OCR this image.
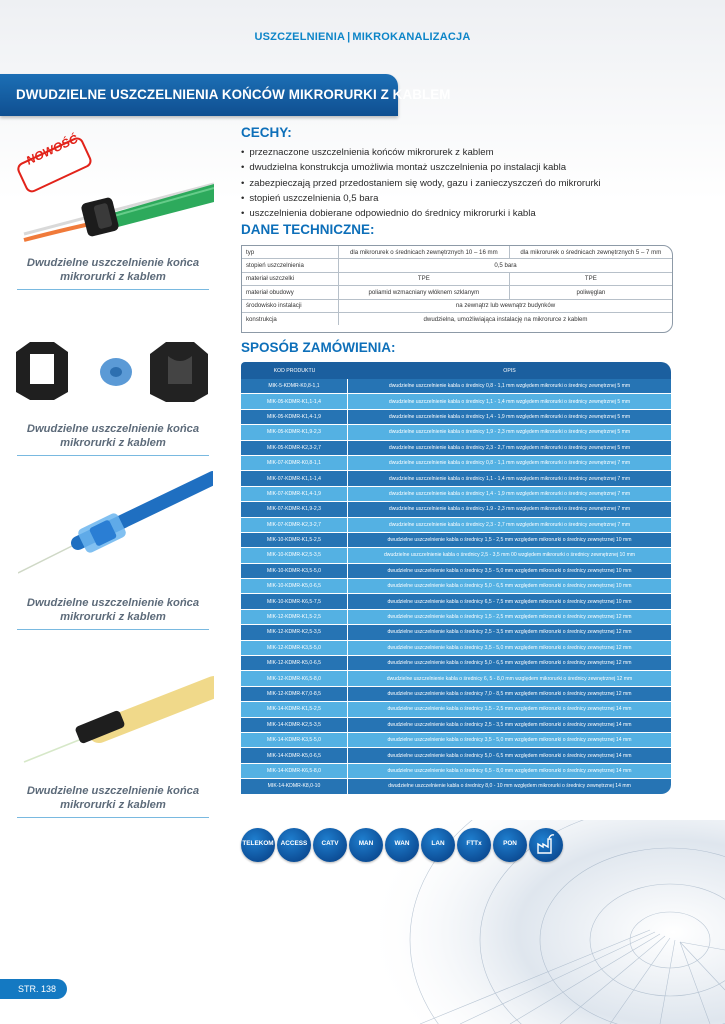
USZCZELNIENIA | MIKROKANALIZACJA
DWUDZIELNE USZCZELNIENIA KOŃCÓW MIKRORURKI Z KABLEM
NOWOŚĆ
Dwudzielne uszczelnienie końca mikrorurki z kablem
Dwudzielne uszczelnienie końca mikrorurki z kablem
Dwudzielne uszczelnienie końca mikrorurki z kablem
Dwudzielne uszczelnienie końca mikrorurki z kablem
CECHY:
• przeznaczone uszczelnienia końców mikrorurek z kablem
• dwudzielna konstrukcja umożliwia montaż uszczelnienia po instalacji kabla
• zabezpieczają przed przedostaniem się wody, gazu i zanieczyszczeń do mikrorurki
• stopień uszczelnienia 0,5 bara
• uszczelnienia dobierane odpowiednio do średnicy mikrorurki i kabla
DANE TECHNICZNE:
typ	dla mikrorurek o średnicach zewnętrznych 10 – 16 mm	dla mikrorurek o średnicach zewnętrznych 5 – 7 mm
stopień uszczelnienia	0,5 bara	
materiał uszczelki	TPE	TPE
materiał obudowy	poliamid wzmacniany włóknem szklanym	poliwęglan
środowisko instalacji	na zewnątrz lub wewnątrz budynków	
konstrukcja	dwudzielna, umożliwiająca instalację na mikrorurce z kablem	
SPOSÓB ZAMÓWIENIA:
KOD PRODUKTU	OPIS
MIK-5-KDMR-K0,8-1,1	dwudzielne uszczelnienie kabla o średnicy 0,8 - 1,1 mm względem mikrorurki o średnicy zewnętrznej 5 mm
MIK-05-KDMR-K1,1-1,4	dwudzielne uszczelnienie kabla o średnicy 1,1 - 1,4 mm względem mikrorurki o średnicy zewnętrznej 5 mm
MIK-05-KDMR-K1,4-1,9	dwudzielne uszczelnienie kabla o średnicy 1,4 - 1,9 mm względem mikrorurki o średnicy zewnętrznej 5 mm
MIK-05-KDMR-K1,9-2,3	dwudzielne uszczelnienie kabla o średnicy 1,9 - 2,3 mm względem mikrorurki o średnicy zewnętrznej 5 mm
MIK-05-KDMR-K2,3-2,7	dwudzielne uszczelnienie kabla o średnicy 2,3 - 2,7 mm względem mikrorurki o średnicy zewnętrznej 5 mm
MIK-07-KDMR-K0,8-1,1	dwudzielne uszczelnienie kabla o średnicy 0,8 - 1,1 mm względem mikrorurki o średnicy zewnętrznej 7 mm
MIK-07-KDMR-K1,1-1,4	dwudzielne uszczelnienie kabla o średnicy 1,1 - 1,4 mm względem mikrorurki o średnicy zewnętrznej 7 mm
MIK-07-KDMR-K1,4-1,9	dwudzielne uszczelnienie kabla o średnicy 1,4 - 1,9 mm względem mikrorurki o średnicy zewnętrznej 7 mm
MIK-07-KDMR-K1,9-2,3	dwudzielne uszczelnienie kabla o średnicy 1,9 - 2,3 mm względem mikrorurki o średnicy zewnętrznej 7 mm
MIK-07-KDMR-K2,3-2,7	dwudzielne uszczelnienie kabla o średnicy 2,3 - 2,7 mm względem mikrorurki o średnicy zewnętrznej 7 mm
MIK-10-KDMR-K1,5-2,5	dwudzielne uszczelnienie kabla o średnicy 1,5 - 2,5 mm względem mikrorurki o średnicy zewnętrznej 10 mm
MIK-10-KDMR-K2,5-3,5	dwudzielne uszczelnienie kabla o średnicy 2,5 - 3,5 mm 00 względem mikrorurki o średnicy zewnętrznej 10 mm
MIK-10-KDMR-K3,5-5,0	dwudzielne uszczelnienie kabla o średnicy 3,5 - 5,0 mm względem mikrorurki o średnicy zewnętrznej 10 mm
MIK-10-KDMR-K5,0-6,5	dwudzielne uszczelnienie kabla o średnicy 5,0 - 6,5 mm względem mikrorurki o średnicy zewnętrznej 10 mm
MIK-10-KDMR-K6,5-7,5	dwudzielne uszczelnienie kabla o średnicy 6,5 - 7,5 mm względem mikrorurki o średnicy zewnętrznej 10 mm
MIK-12-KDMR-K1,5-2,5	dwudzielne uszczelnienie kabla o średnicy 1,5 - 2,5 mm względem mikrorurki o średnicy zewnętrznej 12 mm
MIK-12-KDMR-K2,5-3,5	dwudzielne uszczelnienie kabla o średnicy 2,5 - 3,5 mm względem mikrorurki o średnicy zewnętrznej 12 mm
MIK-12-KDMR-K3,5-5,0	dwudzielne uszczelnienie kabla o średnicy 3,5 - 5,0 mm względem mikrorurki o średnicy zewnętrznej 12 mm
MIK-12-KDMR-K5,0-6,5	dwudzielne uszczelnienie kabla o średnicy 5,0 - 6,5 mm względem mikrorurki o średnicy zewnętrznej 12 mm
MIK-12-KDMR-K6,5-8,0	dwudzielne uszczelnienie kabla o średnicy 6, 5 - 8,0 mm względem mikrorurki o średnicy zewnętrznej 12 mm
MIK-12-KDMR-K7,0-8,5	dwudzielne uszczelnienie kabla o średnicy 7,0 - 8,5 mm względem mikrorurki o średnicy zewnętrznej 12 mm
MIK-14-KDMR-K1,5-2,5	dwudzielne uszczelnienie kabla o średnicy 1,5 - 2,5 mm względem mikrorurki o średnicy zewnętrznej 14 mm
MIK-14-KDMR-K2,5-3,5	dwudzielne uszczelnienie kabla o średnicy 2,5 - 3,5 mm względem mikrorurki o średnicy zewnętrznej 14 mm
MIK-14-KDMR-K3,5-5,0	dwudzielne uszczelnienie kabla o średnicy 3,5 - 5,0 mm względem mikrorurki o średnicy zewnętrznej 14 mm
MIK-14-KDMR-K5,0-6,5	dwudzielne uszczelnienie kabla o średnicy 5,0 - 6,5 mm względem mikrorurki o średnicy zewnętrznej 14 mm
MIK-14-KDMR-K6,5-8,0	dwudzielne uszczelnienie kabla o średnicy 6,5 - 8,0 mm względem mikrorurki o średnicy zewnętrznej 14 mm
MIK-14-KDMR-K8,0-10	dwudzielne uszczelnienie kabla o średnicy 8,0 - 10 mm względem mikrorurki o średnicy zewnętrznej 14 mm
TELEKOM	ACCESS	CATV	MAN	WAN	LAN	FTTx	PON
STR. 138
